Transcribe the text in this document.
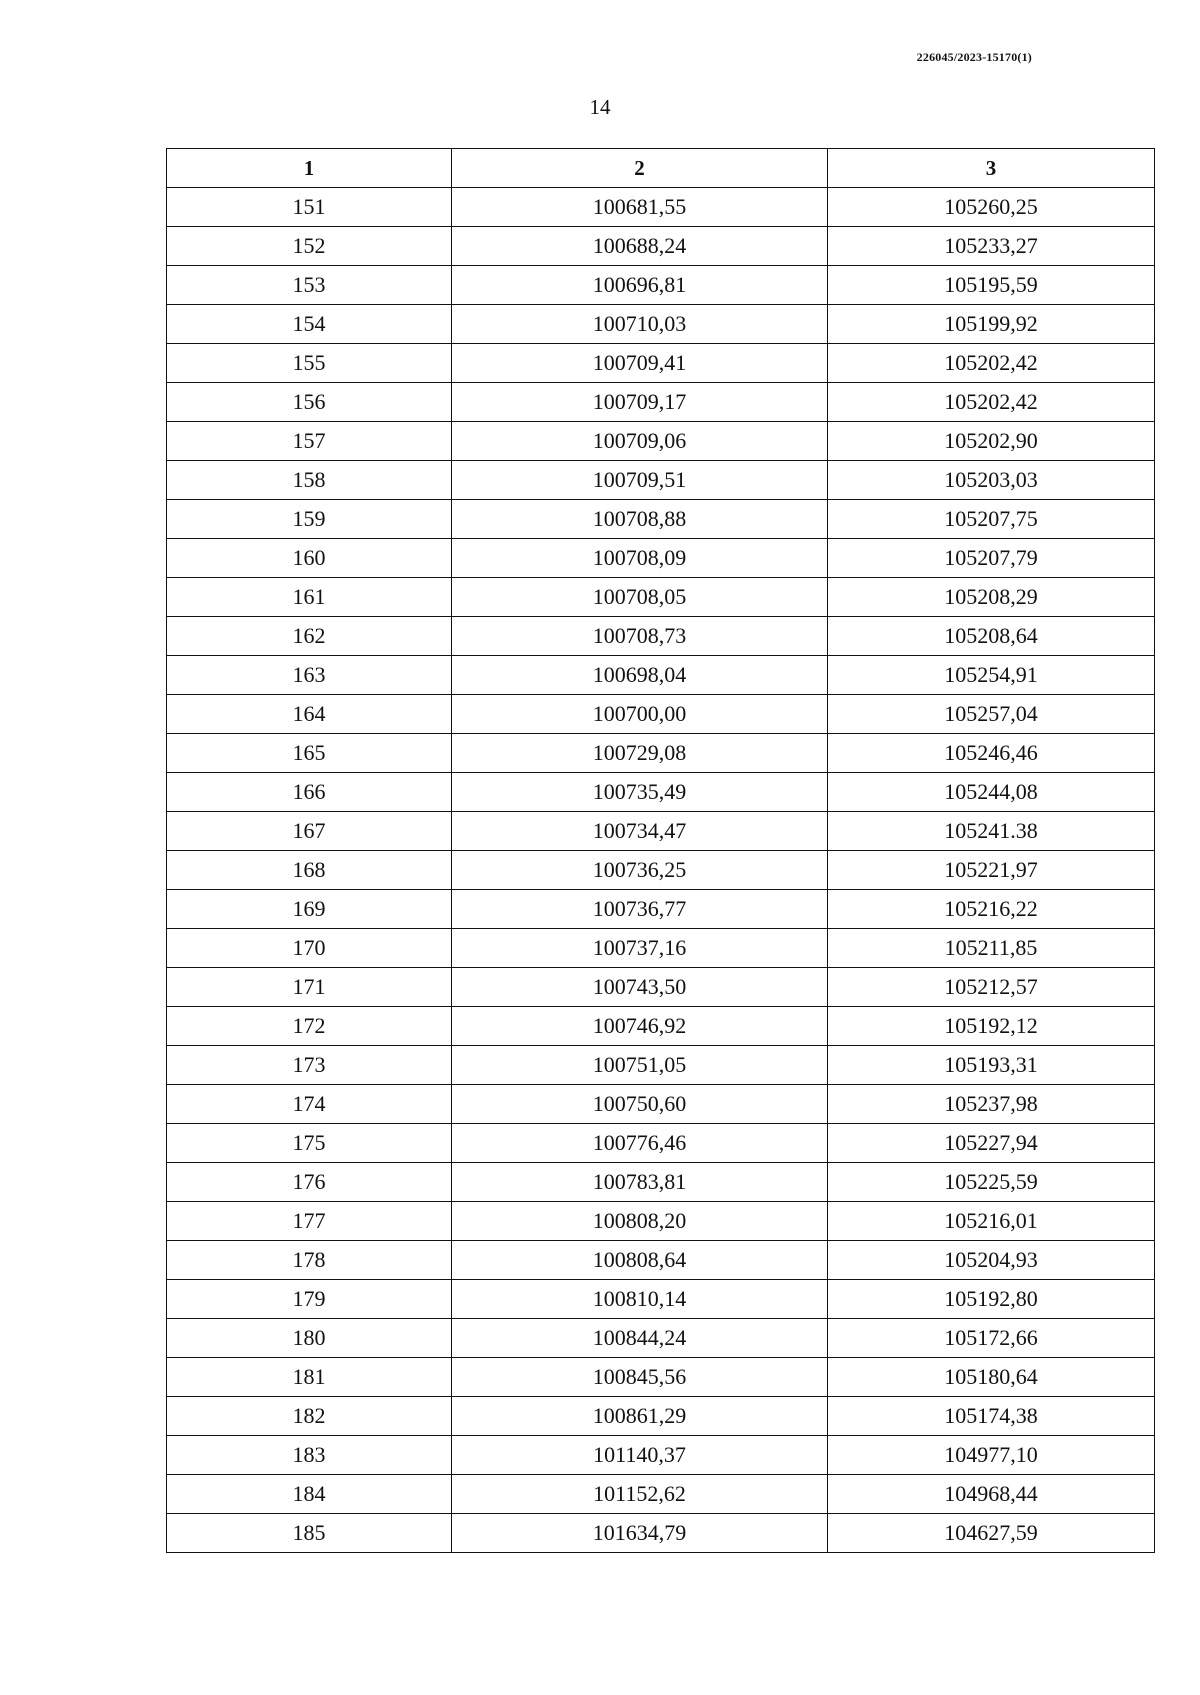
226045/2023-15170(1)
14
1	2	3
151	100681,55	105260,25
152	100688,24	105233,27
153	100696,81	105195,59
154	100710,03	105199,92
155	100709,41	105202,42
156	100709,17	105202,42
157	100709,06	105202,90
158	100709,51	105203,03
159	100708,88	105207,75
160	100708,09	105207,79
161	100708,05	105208,29
162	100708,73	105208,64
163	100698,04	105254,91
164	100700,00	105257,04
165	100729,08	105246,46
166	100735,49	105244,08
167	100734,47	105241.38
168	100736,25	105221,97
169	100736,77	105216,22
170	100737,16	105211,85
171	100743,50	105212,57
172	100746,92	105192,12
173	100751,05	105193,31
174	100750,60	105237,98
175	100776,46	105227,94
176	100783,81	105225,59
177	100808,20	105216,01
178	100808,64	105204,93
179	100810,14	105192,80
180	100844,24	105172,66
181	100845,56	105180,64
182	100861,29	105174,38
183	101140,37	104977,10
184	101152,62	104968,44
185	101634,79	104627,59
